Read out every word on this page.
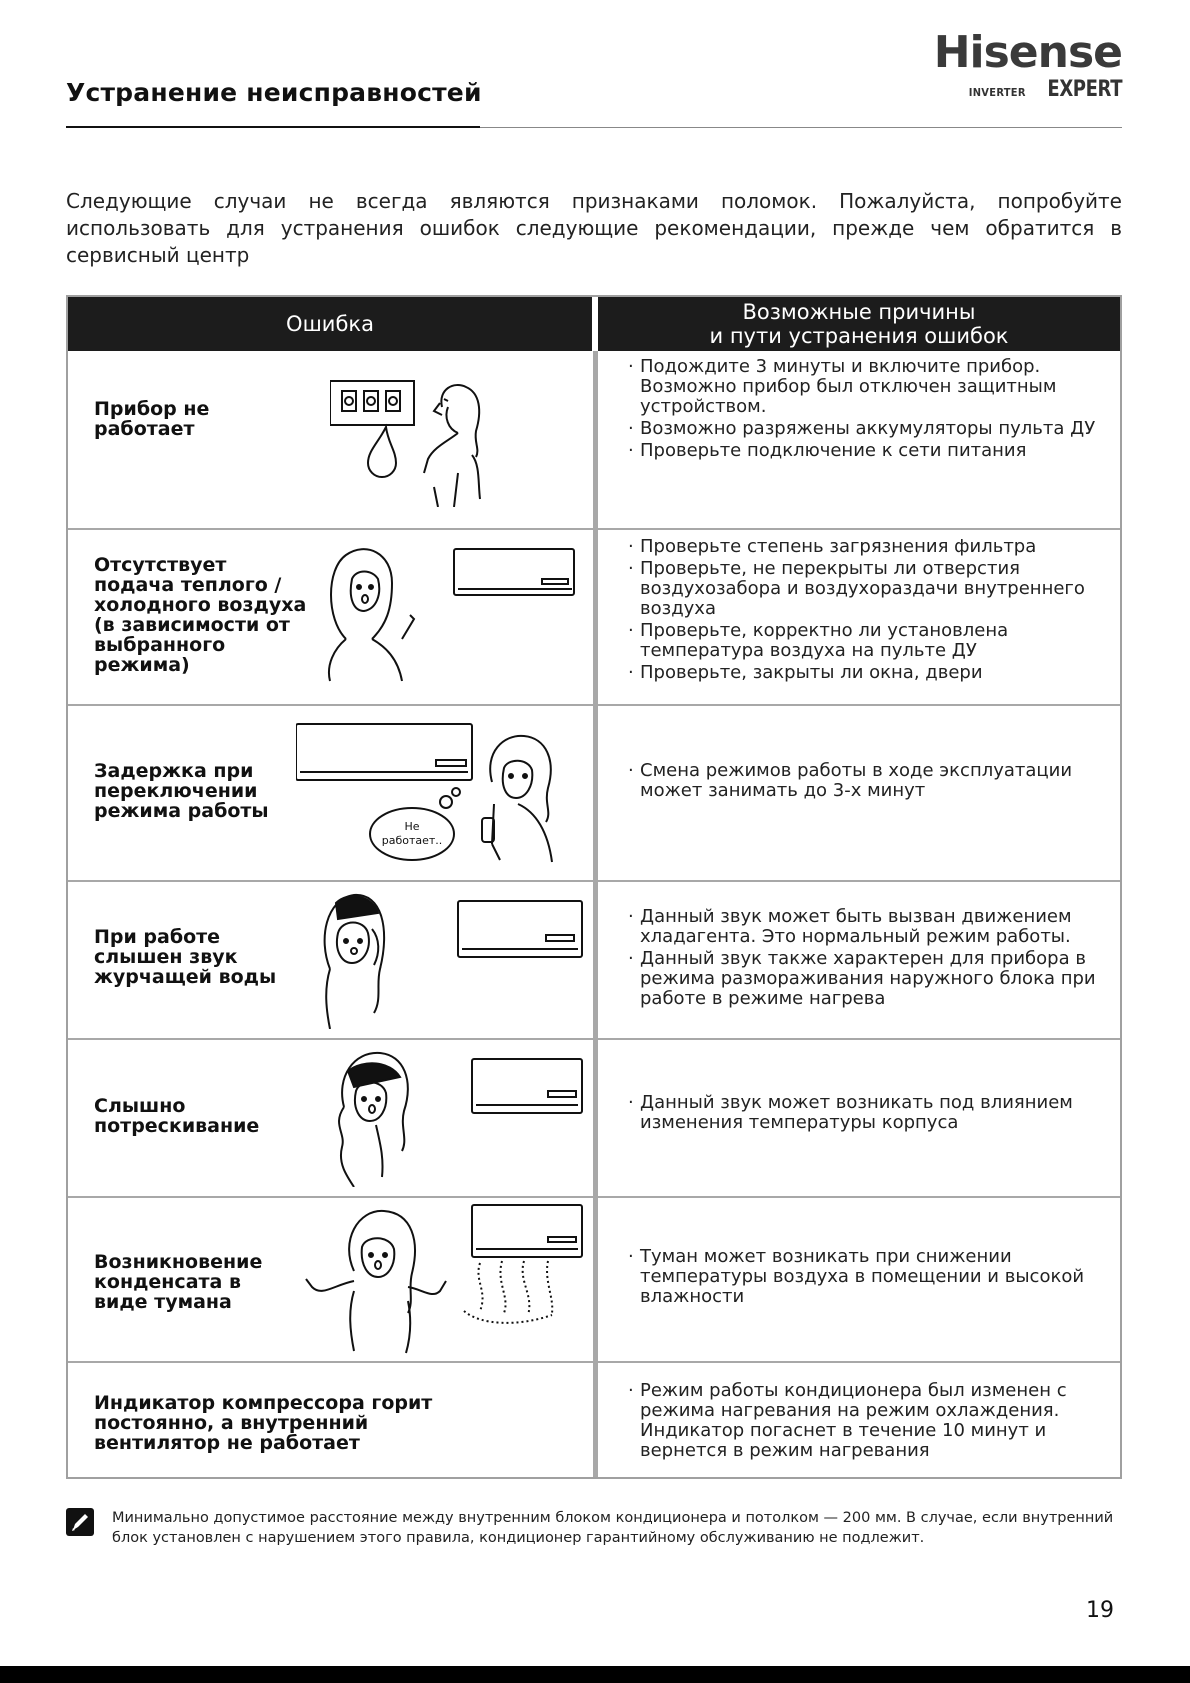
Устранение неисправностей
Hisense
INVERTER EXPERT
Следующие случаи не всегда являются признаками поломок. Пожалуйста, попробуйте использовать для устранения ошибок следующие рекомендации, прежде чем обратится в сервисный центр
Ошибка	Возможные причины
и пути устранения ошибок
Прибор не работает
· Подождите 3 минуты и включите прибор. Возможно прибор был отключен защитным устройством.
· Возможно разряжены аккумуляторы пульта ДУ
· Проверьте подключение к сети питания
Отсутствует подача теплого / холодного воздуха (в зависимости от выбранного режима)
· Проверьте степень загрязнения фильтра
· Проверьте, не перекрыты ли отверстия воздухозабора и воздухораздачи внутреннего воздуха
· Проверьте, корректно ли установлена температура воздуха на пульте ДУ
· Проверьте, закрыты ли окна, двери
Задержка при переключении режима работы
Не
работает..
· Смена режимов работы в ходе эксплуатации может занимать до 3-х минут
При работе слышен звук журчащей воды
· Данный звук может быть вызван движением хладагента. Это нормальный режим работы.
· Данный звук также характерен для прибора в режима размораживания наружного блока при работе в режиме нагрева
Слышно потрескивание
· Данный звук может возникать под влиянием изменения температуры корпуса
Возникновение конденсата в виде тумана
· Туман может возникать при снижении температуры воздуха в помещении и высокой влажности
Индикатор компрессора горит постоянно, а внутренний вентилятор не работает
· Режим работы кондиционера был изменен с режима нагревания на режим охлаждения. Индикатор погаснет в течение 10 минут и вернется в режим нагревания
Минимально допустимое расстояние между внутренним блоком кондиционера и потолком — 200 мм. В случае, если внутренний блок установлен с нарушением этого правила, кондиционер гарантийному обслуживанию не подлежит.
19
